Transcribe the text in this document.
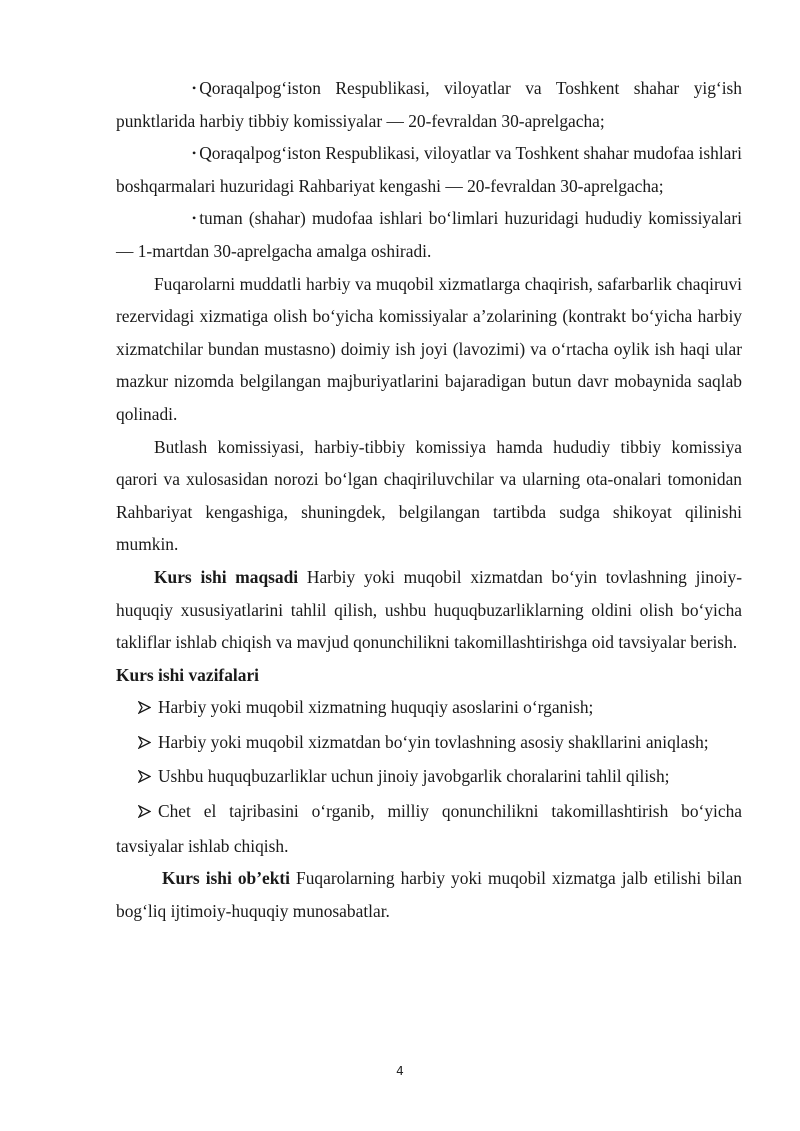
• Qoraqalpog‘iston Respublikasi, viloyatlar va Toshkent shahar yig‘ish punktlarida harbiy tibbiy komissiyalar — 20-fevraldan 30-aprelgacha;

• Qoraqalpog‘iston Respublikasi, viloyatlar va Toshkent shahar mudofaa ishlari boshqarmalari huzuridagi Rahbariyat kengashi — 20-fevraldan 30-aprelgacha;

• tuman (shahar) mudofaa ishlari bo‘limlari huzuridagi hududiy komissiyalari — 1-martdan 30-aprelgacha amalga oshiradi.

Fuqarolarni muddatli harbiy va muqobil xizmatlarga chaqirish, safarbarlik chaqiruvi rezervidagi xizmatiga olish bo‘yicha komissiyalar a’zolarining (kontrakt bo‘yicha harbiy xizmatchilar bundan mustasno) doimiy ish joyi (lavozimi) va o‘rtacha oylik ish haqi ular mazkur nizomda belgilangan majburiyatlarini bajaradigan butun davr mobaynida saqlab qolinadi.

Butlash komissiyasi, harbiy-tibbiy komissiya hamda hududiy tibbiy komissiya qarori va xulosasidan norozi bo‘lgan chaqiriluvchilar va ularning ota-onalari tomonidan Rahbariyat kengashiga, shuningdek, belgilangan tartibda sudga shikoyat qilinishi mumkin.

Kurs ishi maqsadi Harbiy yoki muqobil xizmatdan bo‘yin tovlashning jinoiy-huquqiy xususiyatlarini tahlil qilish, ushbu huquqbuzarliklarning oldini olish bo‘yicha takliflar ishlab chiqish va mavjud qonunchilikni takomillashtirishga oid tavsiyalar berish.

Kurs ishi vazifalari

Harbiy yoki muqobil xizmatning huquqiy asoslarini o‘rganish;

Harbiy yoki muqobil xizmatdan bo‘yin tovlashning asosiy shakllarini aniqlash;

Ushbu huquqbuzarliklar uchun jinoiy javobgarlik choralarini tahlil qilish;

Chet el tajribasini o‘rganib, milliy qonunchilikni takomillashtirish bo‘yicha tavsiyalar ishlab chiqish.

Kurs ishi ob’ekti Fuqarolarning harbiy yoki muqobil xizmatga jalb etilishi bilan bog‘liq ijtimoiy-huquqiy munosabatlar.

4
